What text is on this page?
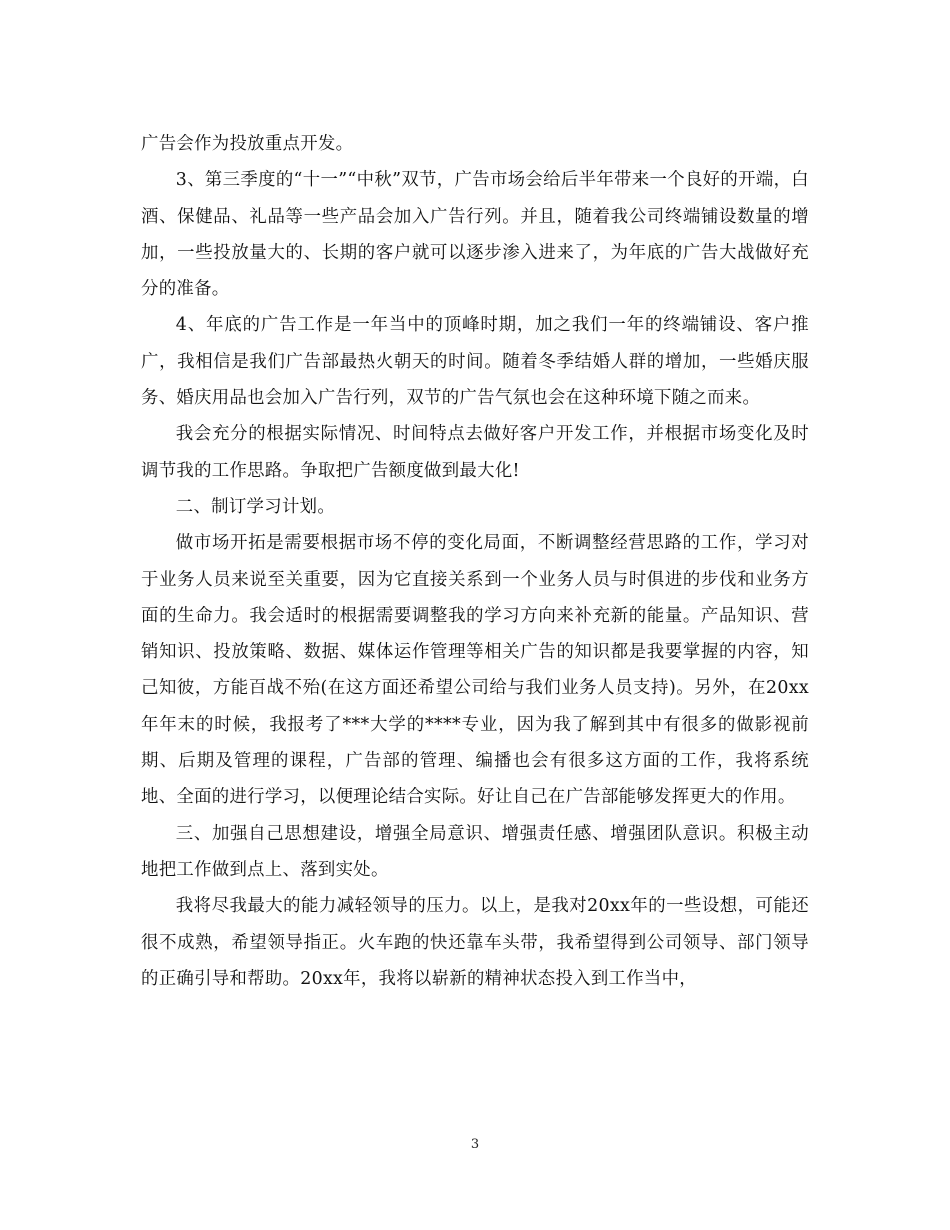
广告会作为投放重点开发。

3、第三季度的“十一”“中秋”双节，广告市场会给后半年带来一个良好的开端，白酒、保健品、礼品等一些产品会加入广告行列。并且，随着我公司终端铺设数量的增加，一些投放量大的、长期的客户就可以逐步渗入进来了，为年底的广告大战做好充分的准备。

4、年底的广告工作是一年当中的顶峰时期，加之我们一年的终端铺设、客户推广，我相信是我们广告部最热火朝天的时间。随着冬季结婚人群的增加，一些婚庆服务、婚庆用品也会加入广告行列，双节的广告气氛也会在这种环境下随之而来。

我会充分的根据实际情况、时间特点去做好客户开发工作，并根据市场变化及时调节我的工作思路。争取把广告额度做到最大化!

二、制订学习计划。

做市场开拓是需要根据市场不停的变化局面，不断调整经营思路的工作，学习对于业务人员来说至关重要，因为它直接关系到一个业务人员与时俱进的步伐和业务方面的生命力。我会适时的根据需要调整我的学习方向来补充新的能量。产品知识、营销知识、投放策略、数据、媒体运作管理等相关广告的知识都是我要掌握的内容，知己知彼，方能百战不殆(在这方面还希望公司给与我们业务人员支持)。另外，在20xx年年末的时候，我报考了***大学的****专业，因为我了解到其中有很多的做影视前期、后期及管理的课程，广告部的管理、编播也会有很多这方面的工作，我将系统地、全面的进行学习，以便理论结合实际。好让自己在广告部能够发挥更大的作用。

三、加强自己思想建设，增强全局意识、增强责任感、增强团队意识。积极主动地把工作做到点上、落到实处。

我将尽我最大的能力减轻领导的压力。以上，是我对20xx年的一些设想，可能还很不成熟，希望领导指正。火车跑的快还靠车头带，我希望得到公司领导、部门领导的正确引导和帮助。20xx年，我将以崭新的精神状态投入到工作当中，

3
